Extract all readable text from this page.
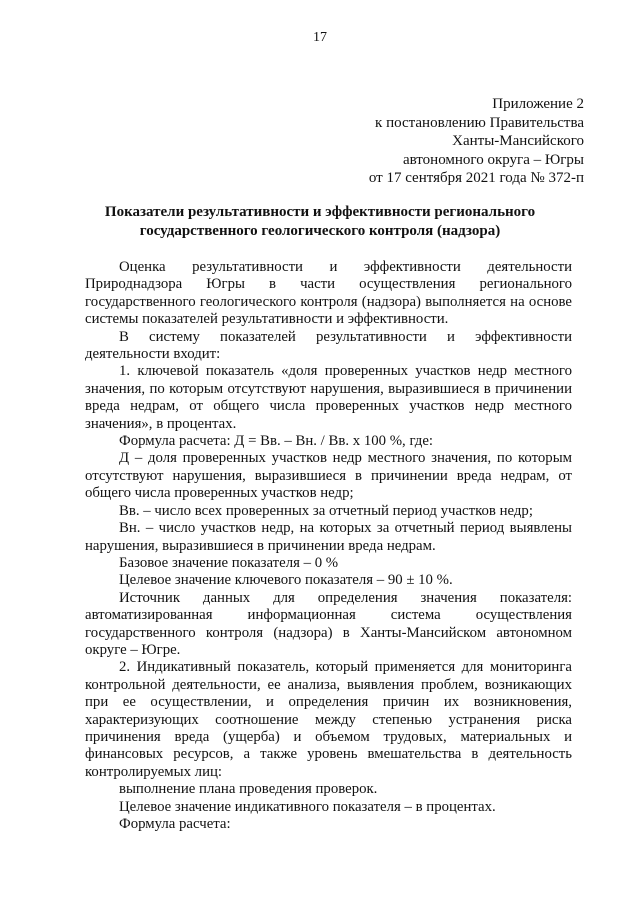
17
Приложение 2
к постановлению Правительства
Ханты-Мансийского
автономного округа – Югры
от 17 сентября 2021 года № 372-п
Показатели результативности и эффективности регионального
государственного геологического контроля (надзора)

Оценка результативности и эффективности деятельности Природнадзора Югры в части осуществления регионального государственного геологического контроля (надзора) выполняется на основе системы показателей результативности и эффективности.

В систему показателей результативности и эффективности деятельности входит:

1. ключевой показатель «доля проверенных участков недр местного значения, по которым отсутствуют нарушения, выразившиеся в причинении вреда недрам, от общего числа проверенных участков недр местного значения», в процентах.

Формула расчета: Д = Вв. – Вн. / Вв. х 100 %, где:

Д – доля проверенных участков недр местного значения, по которым отсутствуют нарушения, выразившиеся в причинении вреда недрам, от общего числа проверенных участков недр;

Вв. – число всех проверенных за отчетный период участков недр;

Вн. – число участков недр, на которых за отчетный период выявлены нарушения, выразившиеся в причинении вреда недрам.

Базовое значение показателя – 0 %

Целевое значение ключевого показателя – 90 ± 10 %.

Источник данных для определения значения показателя: автоматизированная информационная система осуществления государственного контроля (надзора) в Ханты-Мансийском автономном округе – Югре.

2. Индикативный показатель, который применяется для мониторинга контрольной деятельности, ее анализа, выявления проблем, возникающих при ее осуществлении, и определения причин их возникновения, характеризующих соотношение между степенью устранения риска причинения вреда (ущерба) и объемом трудовых, материальных и финансовых ресурсов, а также уровень вмешательства в деятельность контролируемых лиц:

выполнение плана проведения проверок.

Целевое значение индикативного показателя – в процентах.

Формула расчета:
